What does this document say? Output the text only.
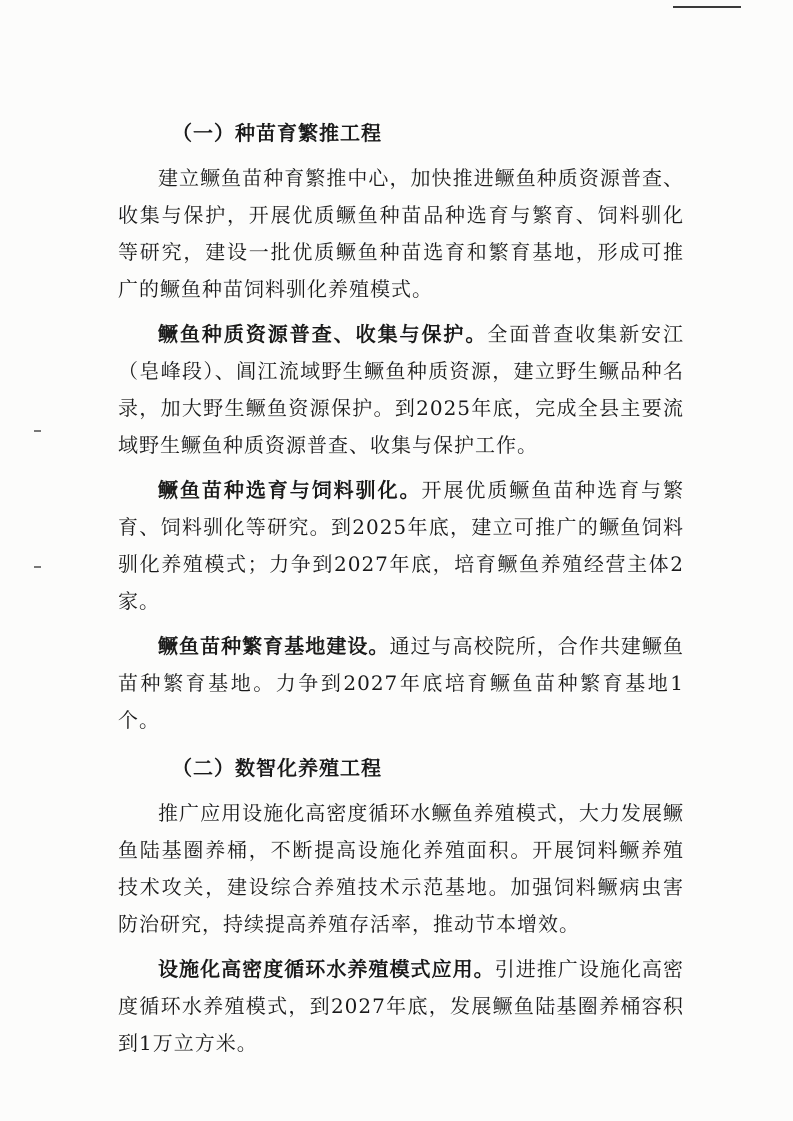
（一）种苗育繁推工程

建立鳜鱼苗种育繁推中心，加快推进鳜鱼种质资源普查、收集与保护，开展优质鳜鱼种苗品种选育与繁育、饲料驯化等研究，建设一批优质鳜鱼种苗选育和繁育基地，形成可推广的鳜鱼种苗饲料驯化养殖模式。

鳜鱼种质资源普查、收集与保护。全面普查收集新安江（皂峰段）、阊江流域野生鳜鱼种质资源，建立野生鳜品种名录，加大野生鳜鱼资源保护。到2025年底，完成全县主要流域野生鳜鱼种质资源普查、收集与保护工作。

鳜鱼苗种选育与饲料驯化。开展优质鳜鱼苗种选育与繁育、饲料驯化等研究。到2025年底，建立可推广的鳜鱼饲料驯化养殖模式；力争到2027年底，培育鳜鱼养殖经营主体2家。

鳜鱼苗种繁育基地建设。通过与高校院所，合作共建鳜鱼苗种繁育基地。力争到2027年底培育鳜鱼苗种繁育基地1个。

（二）数智化养殖工程

推广应用设施化高密度循环水鳜鱼养殖模式，大力发展鳜鱼陆基圈养桶，不断提高设施化养殖面积。开展饲料鳜养殖技术攻关，建设综合养殖技术示范基地。加强饲料鳜病虫害防治研究，持续提高养殖存活率，推动节本增效。

设施化高密度循环水养殖模式应用。引进推广设施化高密度循环水养殖模式，到2027年底，发展鳜鱼陆基圈养桶容积到1万立方米。
